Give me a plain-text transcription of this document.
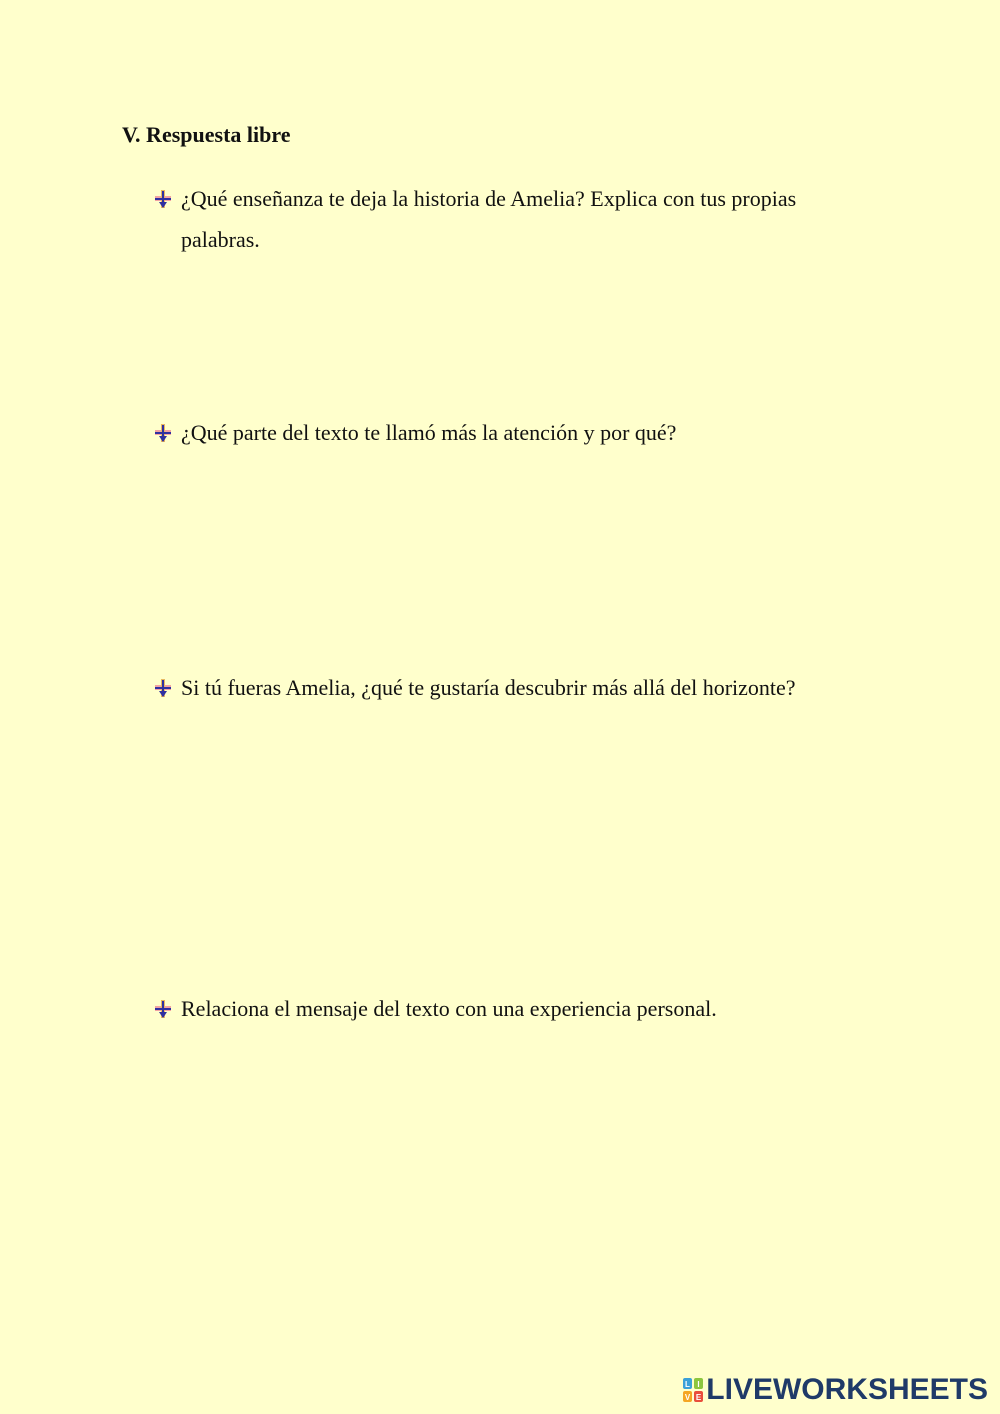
V. Respuesta libre
¿Qué enseñanza te deja la historia de Amelia? Explica con tus propias palabras.
¿Qué parte del texto te llamó más la atención y por qué?
Si tú fueras Amelia, ¿qué te gustaría descubrir más allá del horizonte?
Relaciona el mensaje del texto con una experiencia personal.
L I
V E LIVEWORKSHEETS
